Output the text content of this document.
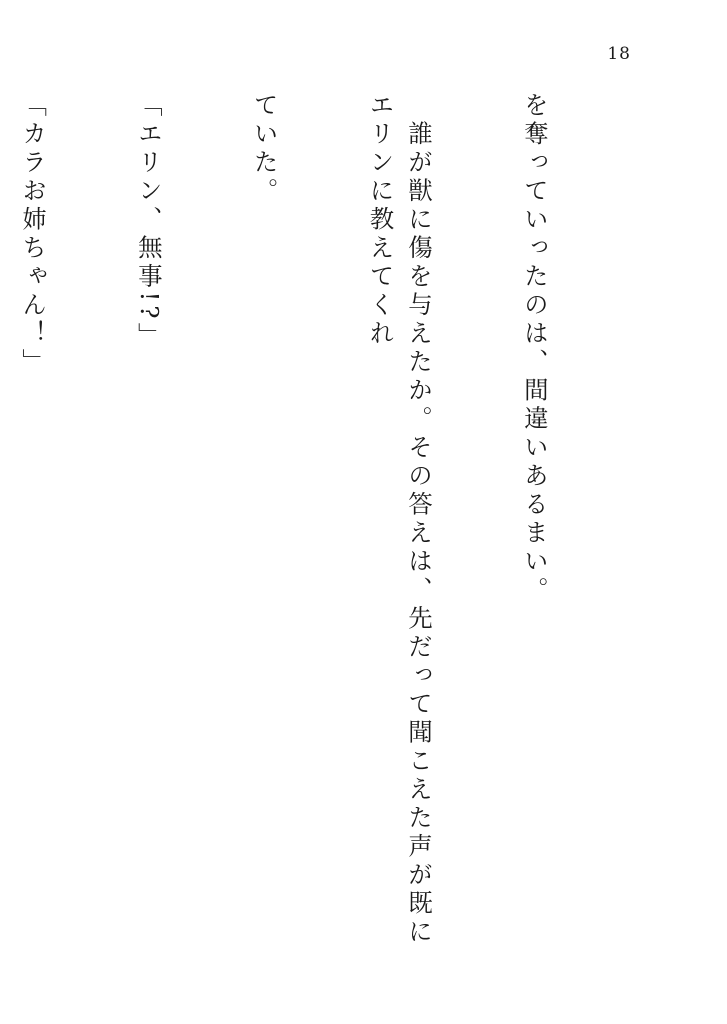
18

を奪っていったのは、間違いあるまい。

誰が獣に傷を与えたか。その答えは、先だって聞こえた声が既にエリンに教えてくれ

ていた。

「エリン、無事!?」

「カラお姉ちゃん！」
